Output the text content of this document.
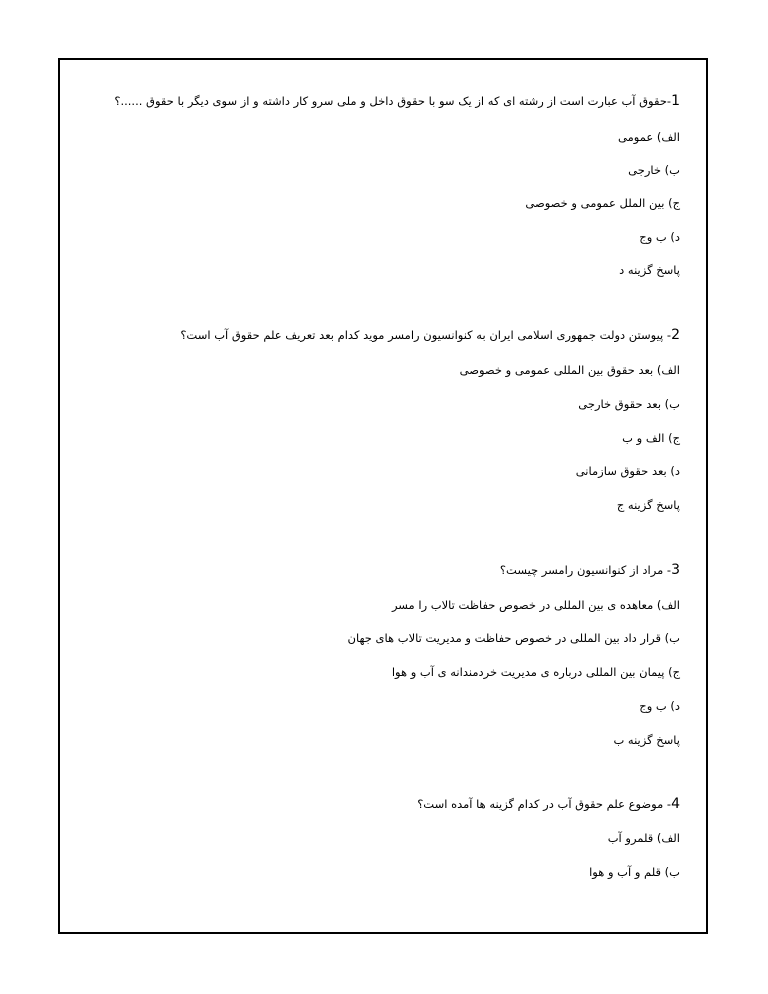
1-حقوق آب عبارت است از رشته ای که از یک سو با حقوق داخل و ملی سرو کار داشته و از سوی دیگر با حقوق ......؟
الف) عمومی
ب) خارجی
ج) بین الملل عمومی و خصوصی
د) ب وج
پاسخ گزینه د
2- پیوستن دولت جمهوری اسلامی ایران به کنوانسیون رامسر موید کدام بعد تعریف علم حقوق آب است؟
الف) بعد حقوق بین المللی عمومی و خصوصی
ب) بعد حقوق خارجی
ج) الف و ب
د) بعد حقوق سازمانی
پاسخ گزینه ج
3- مراد از کنوانسیون رامسر چیست؟
الف) معاهده ی بین المللی در خصوص حفاظت تالاب را مسر
ب) قرار داد بین المللی در خصوص حفاظت و مدیریت تالاب های جهان
ج) پیمان بین المللی درباره ی مدیریت خردمندانه ی آب و هوا
د) ب وج
پاسخ گزینه ب
4- موضوع علم حقوق آب در کدام گزینه ها آمده است؟
الف) قلمرو آب
ب) قلم و آب و هوا
